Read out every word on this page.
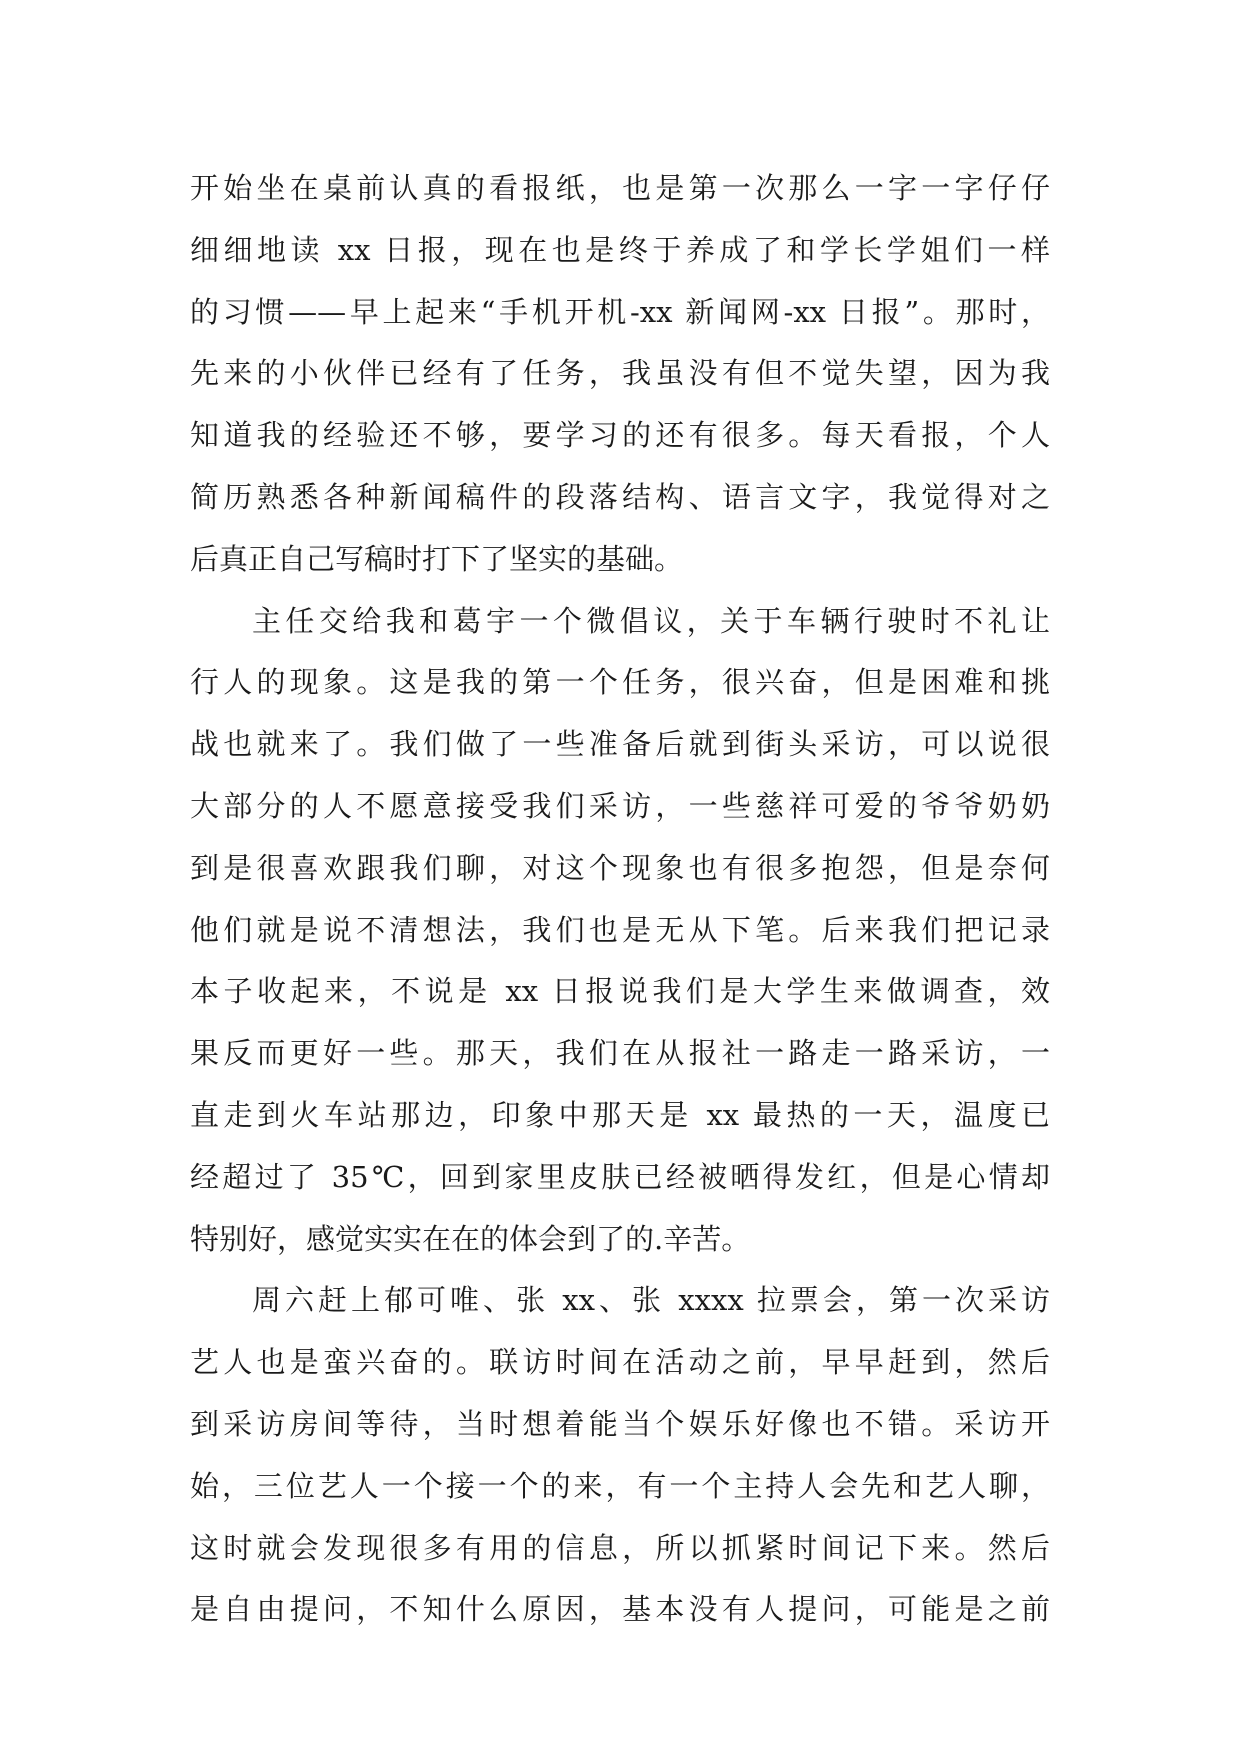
开始坐在桌前认真的看报纸，也是第一次那么一字一字仔仔
细细地读 xx 日报，现在也是终于养成了和学长学姐们一样
的习惯——早上起来“手机开机-xx 新闻网-xx 日报”。那时，
先来的小伙伴已经有了任务，我虽没有但不觉失望，因为我
知道我的经验还不够，要学习的还有很多。每天看报，个人
简历熟悉各种新闻稿件的段落结构、语言文字，我觉得对之
后真正自己写稿时打下了坚实的基础。
主任交给我和葛宇一个微倡议，关于车辆行驶时不礼让
行人的现象。这是我的第一个任务，很兴奋，但是困难和挑
战也就来了。我们做了一些准备后就到街头采访，可以说很
大部分的人不愿意接受我们采访，一些慈祥可爱的爷爷奶奶
到是很喜欢跟我们聊，对这个现象也有很多抱怨，但是奈何
他们就是说不清想法，我们也是无从下笔。后来我们把记录
本子收起来，不说是 xx 日报说我们是大学生来做调查，效
果反而更好一些。那天，我们在从报社一路走一路采访，一
直走到火车站那边，印象中那天是 xx 最热的一天，温度已
经超过了 35℃，回到家里皮肤已经被晒得发红，但是心情却
特别好，感觉实实在在的体会到了的.辛苦。
周六赶上郁可唯、张 xx、张 xxxx 拉票会，第一次采访
艺人也是蛮兴奋的。联访时间在活动之前，早早赶到，然后
到采访房间等待，当时想着能当个娱乐好像也不错。采访开
始，三位艺人一个接一个的来，有一个主持人会先和艺人聊，
这时就会发现很多有用的信息，所以抓紧时间记下来。然后
是自由提问，不知什么原因，基本没有人提问，可能是之前
